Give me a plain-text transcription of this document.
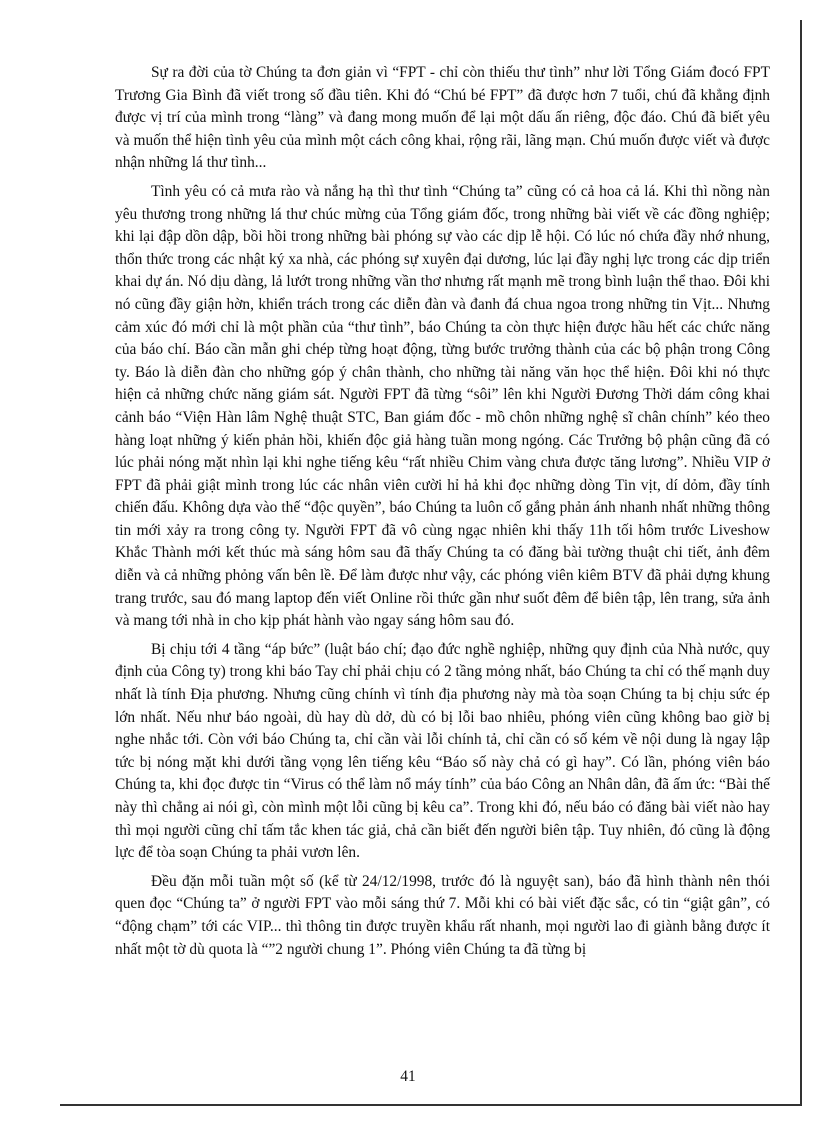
Sự ra đời của tờ Chúng ta đơn giản vì “FPT - chỉ còn thiếu thư tình” như lời Tổng Giám đocó FPT Trương Gia Bình đã viết trong số đầu tiên. Khi đó “Chú bé FPT” đã được hơn 7 tuổi, chú đã khẳng định được vị trí của mình trong “làng” và đang mong muốn để lại một dấu ấn riêng, độc đáo. Chú đã biết yêu và muốn thể hiện tình yêu của mình một cách công khai, rộng rãi, lãng mạn. Chú muốn được viết và được nhận những lá thư tình...

Tình yêu có cả mưa rào và nắng hạ thì thư tình “Chúng ta” cũng có cả hoa cả lá. Khi thì nồng nàn yêu thương trong những lá thư chúc mừng của Tổng giám đốc, trong những bài viết về các đồng nghiệp; khi lại đập dồn dập, bồi hồi trong những bài phóng sự vào các dịp lễ hội. Có lúc nó chứa đầy nhớ nhung, thổn thức trong các nhật ký xa nhà, các phóng sự xuyên đại dương, lúc lại đầy nghị lực trong các dịp triển khai dự án. Nó dịu dàng, lả lướt trong những vần thơ nhưng rất mạnh mẽ trong bình luận thể thao. Đôi khi nó cũng đầy giận hờn, khiển trách trong các diễn đàn và đanh đá chua ngoa trong những tin Vịt... Nhưng cảm xúc đó mới chỉ là một phần của “thư tình”, báo Chúng ta còn thực hiện được hầu hết các chức năng của báo chí. Báo cần mẫn ghi chép từng hoạt động, từng bước trưởng thành của các bộ phận trong Công ty. Báo là diễn đàn cho những góp ý chân thành, cho những tài năng văn học thể hiện. Đôi khi nó thực hiện cả những chức năng giám sát. Người FPT đã từng “sôi” lên khi Người Đương Thời dám công khai cảnh báo “Viện Hàn lâm Nghệ thuật STC, Ban giám đốc - mồ chôn những nghệ sĩ chân chính” kéo theo hàng loạt những ý kiến phản hồi, khiến độc giả hàng tuần mong ngóng. Các Trưởng bộ phận cũng đã có lúc phải nóng mặt nhìn lại khi nghe tiếng kêu “rất nhiều Chim vàng chưa được tăng lương”. Nhiều VIP ở FPT đã phải giật mình trong lúc các nhân viên cười hỉ hả khi đọc những dòng Tin vịt, dí dỏm, đầy tính chiến đấu. Không dựa vào thế “độc quyền”, báo Chúng ta luôn cố gắng phản ánh nhanh nhất những thông tin mới xảy ra trong công ty. Người FPT đã vô cùng ngạc nhiên khi thấy 11h tối hôm trước Liveshow Khắc Thành mới kết thúc mà sáng hôm sau đã thấy Chúng ta có đăng bài tường thuật chi tiết, ảnh đêm diễn và cả những phỏng vấn bên lề. Để làm được như vậy, các phóng viên kiêm BTV đã phải dựng khung trang trước, sau đó mang laptop đến viết Online rồi thức gần như suốt đêm để biên tập, lên trang, sửa ảnh và mang tới nhà in cho kịp phát hành vào ngay sáng hôm sau đó.

Bị chịu tới 4 tầng “áp bức” (luật báo chí; đạo đức nghề nghiệp, những quy định của Nhà nước, quy định của Công ty) trong khi báo Tay chỉ phải chịu có 2 tầng mỏng nhất, báo Chúng ta chỉ có thế mạnh duy nhất là tính Địa phương. Nhưng cũng chính vì tính địa phương này mà tòa soạn Chúng ta bị chịu sức ép lớn nhất. Nếu như báo ngoài, dù hay dù dở, dù có bị lỗi bao nhiêu, phóng viên cũng không bao giờ bị nghe nhắc tới. Còn với báo Chúng ta, chỉ cần vài lỗi chính tả, chỉ cần có số kém về nội dung là ngay lập tức bị nóng mặt khi dưới tầng vọng lên tiếng kêu “Báo số này chả có gì hay”. Có lần, phóng viên báo Chúng ta, khi đọc được tin “Virus có thể làm nổ máy tính” của báo Công an Nhân dân, đã ấm ức: “Bài thế này thì chẳng ai nói gì, còn mình một lỗi cũng bị kêu ca”. Trong khi đó, nếu báo có đăng bài viết nào hay thì mọi người cũng chỉ tấm tắc khen tác giả, chả cần biết đến người biên tập. Tuy nhiên, đó cũng là động lực để tòa soạn Chúng ta phải vươn lên.

Đều đặn mỗi tuần một số (kể từ 24/12/1998, trước đó là nguyệt san), báo đã hình thành nên thói quen đọc “Chúng ta” ở người FPT vào mỗi sáng thứ 7. Mỗi khi có bài viết đặc sắc, có tin “giật gân”, có “động chạm” tới các VIP... thì thông tin được truyền khẩu rất nhanh, mọi người lao đi giành bằng được ít nhất một tờ dù quota là “”2 người chung 1”. Phóng viên Chúng ta đã từng bị

41
